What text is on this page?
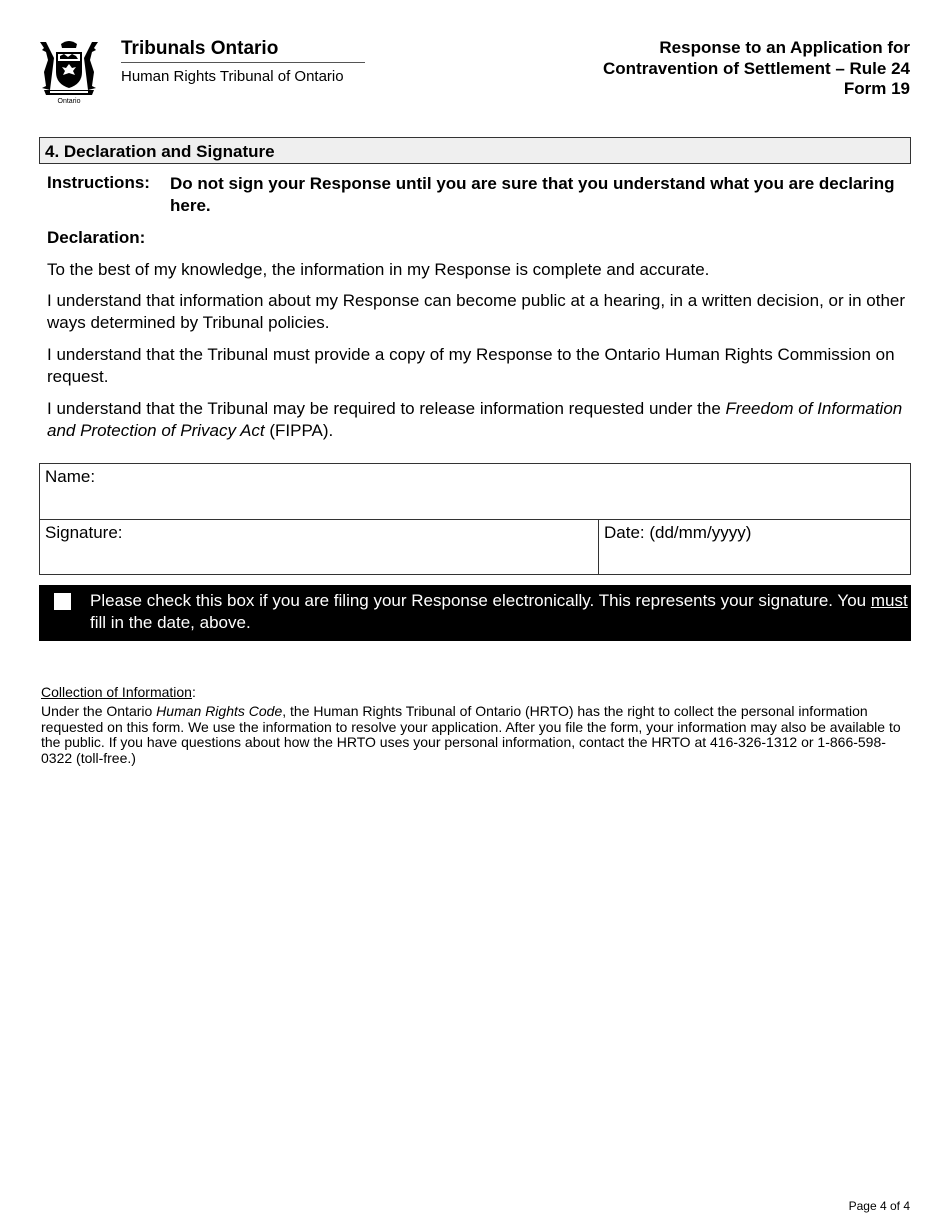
Ontario
Tribunals Ontario
Human Rights Tribunal of Ontario
Response to an Application for
Contravention of Settlement – Rule 24
Form 19
4. Declaration and Signature
Instructions: Do not sign your Response until you are sure that you understand what you are declaring here.
Declaration:
To the best of my knowledge, the information in my Response is complete and accurate.
I understand that information about my Response can become public at a hearing, in a written decision, or in other ways determined by Tribunal policies.
I understand that the Tribunal must provide a copy of my Response to the Ontario Human Rights Commission on request.
I understand that the Tribunal may be required to release information requested under the Freedom of Information and Protection of Privacy Act (FIPPA).
Name:
Signature:	Date: (dd/mm/yyyy)
Please check this box if you are filing your Response electronically. This represents your signature. You must fill in the date, above.
Collection of Information:
Under the Ontario Human Rights Code, the Human Rights Tribunal of Ontario (HRTO) has the right to collect the personal information requested on this form. We use the information to resolve your application. After you file the form, your information may also be available to the public. If you have questions about how the HRTO uses your personal information, contact the HRTO at 416-326-1312 or 1-866-598-0322 (toll-free.)
Page 4 of 4
